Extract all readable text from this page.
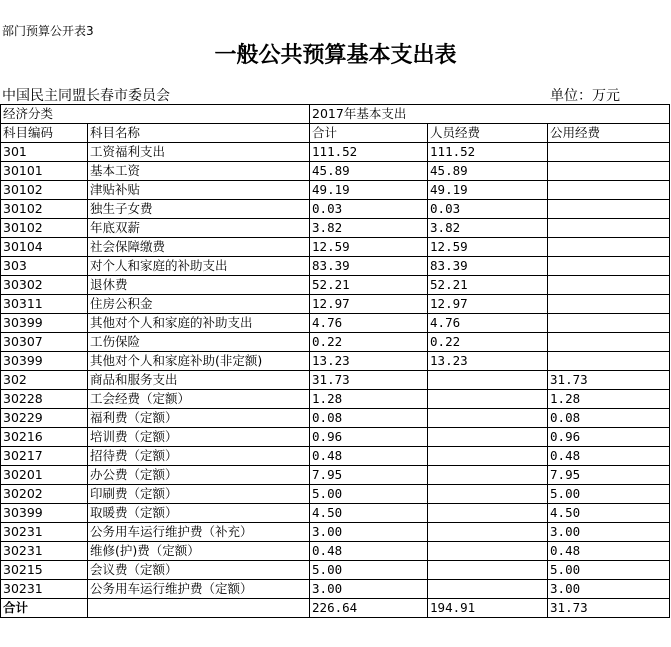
部门预算公开表3
一般公共预算基本支出表
中国民主同盟长春市委员会	单位：万元
经济分类		2017年基本支出		
科目编码	科目名称	合计	人员经费	公用经费
301	工资福利支出	111.52	111.52	
30101	基本工资	45.89	45.89	
30102	津贴补贴	49.19	49.19	
30102	独生子女费	0.03	0.03	
30102	年底双薪	3.82	3.82	
30104	社会保障缴费	12.59	12.59	
303	对个人和家庭的补助支出	83.39	83.39	
30302	退休费	52.21	52.21	
30311	住房公积金	12.97	12.97	
30399	其他对个人和家庭的补助支出	4.76	4.76	
30307	工伤保险	0.22	0.22	
30399	其他对个人和家庭补助(非定额)	13.23	13.23	
302	商品和服务支出	31.73		31.73
30228	工会经费（定额）	1.28		1.28
30229	福利费（定额）	0.08		0.08
30216	培训费（定额）	0.96		0.96
30217	招待费（定额）	0.48		0.48
30201	办公费（定额）	7.95		7.95
30202	印刷费（定额）	5.00		5.00
30399	取暖费（定额）	4.50		4.50
30231	公务用车运行维护费（补充）	3.00		3.00
30231	维修(护)费（定额）	0.48		0.48
30215	会议费（定额）	5.00		5.00
30231	公务用车运行维护费（定额）	3.00		3.00
合计		226.64	194.91	31.73
